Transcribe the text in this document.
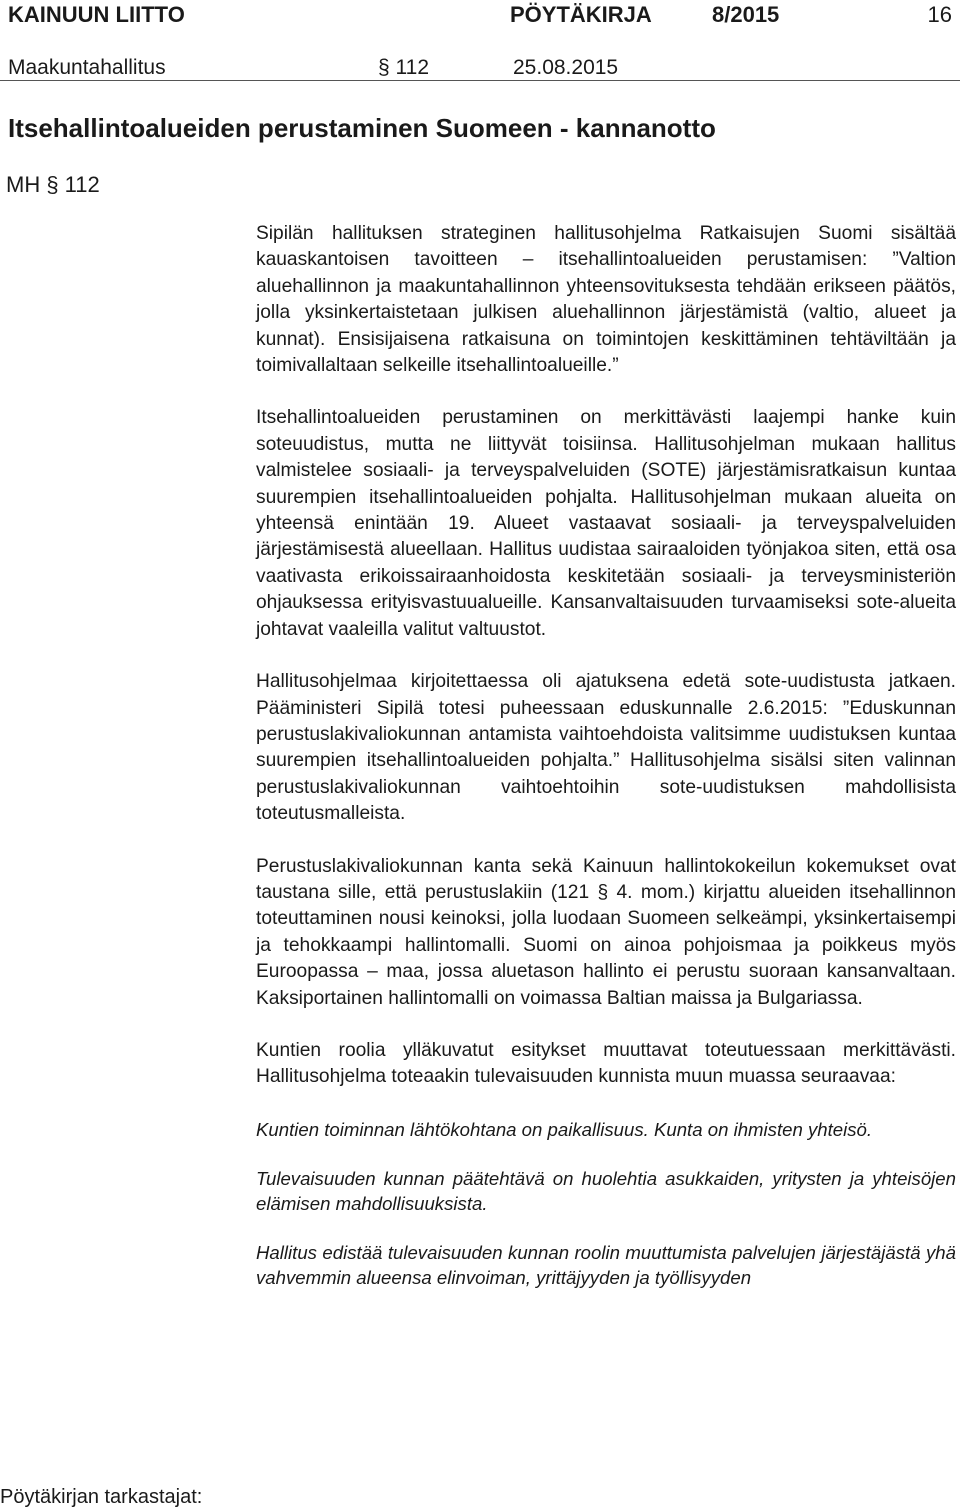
KAINUUN LIITTO	PÖYTÄKIRJA	8/2015	16
Maakuntahallitus	§ 112	25.08.2015
Itsehallintoalueiden perustaminen Suomeen - kannanotto
MH § 112

Sipilän hallituksen strateginen hallitusohjelma Ratkaisujen Suomi sisältää kauaskantoisen tavoitteen – itsehallintoalueiden perustamisen: ”Valtion aluehallinnon ja maakuntahallinnon yhteensovituksesta tehdään erikseen päätös, jolla yksinkertaistetaan julkisen aluehallinnon järjestämistä (valtio, alueet ja kunnat). Ensisijaisena ratkaisuna on toimintojen keskittäminen tehtäviltään ja toimivallaltaan selkeille itsehallintoalueille.”

Itsehallintoalueiden perustaminen on merkittävästi laajempi hanke kuin soteuudistus, mutta ne liittyvät toisiinsa. Hallitusohjelman mukaan hallitus valmistelee sosiaali- ja terveyspalveluiden (SOTE) järjestämisratkaisun kuntaa suurempien itsehallintoalueiden pohjalta. Hallitusohjelman mukaan alueita on yhteensä enintään 19. Alueet vastaavat sosiaali- ja terveyspalveluiden järjestämisestä alueellaan. Hallitus uudistaa sairaaloiden työnjakoa siten, että osa vaativasta erikoissairaanhoidosta keskitetään sosiaali- ja terveysministeriön ohjauksessa erityisvastuualueille. Kansanvaltaisuuden turvaamiseksi sote-alueita johtavat vaaleilla valitut valtuustot.

Hallitusohjelmaa kirjoitettaessa oli ajatuksena edetä sote-uudistusta jatkaen. Pääministeri Sipilä totesi puheessaan eduskunnalle 2.6.2015: ”Eduskunnan perustuslakivaliokunnan antamista vaihtoehdoista valitsimme uudistuksen kuntaa suurempien itsehallintoalueiden pohjalta.” Hallitusohjelma sisälsi siten valinnan perustuslakivaliokunnan vaihtoehtoihin sote-uudistuksen mahdollisista toteutusmalleista.

Perustuslakivaliokunnan kanta sekä Kainuun hallintokokeilun kokemukset ovat taustana sille, että perustuslakiin (121 § 4. mom.) kirjattu alueiden itsehallinnon toteuttaminen nousi keinoksi, jolla luodaan Suomeen selkeämpi, yksinkertaisempi ja tehokkaampi hallintomalli. Suomi on ainoa pohjoismaa ja poikkeus myös Euroopassa – maa, jossa aluetason hallinto ei perustu suoraan kansanvaltaan. Kaksiportainen hallintomalli on voimassa Baltian maissa ja Bulgariassa.

Kuntien roolia ylläkuvatut esitykset muuttavat toteutuessaan merkittävästi. Hallitusohjelma toteaakin tulevaisuuden kunnista muun muassa seuraavaa:

Kuntien toiminnan lähtökohtana on paikallisuus. Kunta on ihmisten yhteisö.

Tulevaisuuden kunnan päätehtävä on huolehtia asukkaiden, yritysten ja yhteisöjen elämisen mahdollisuuksista.

Hallitus edistää tulevaisuuden kunnan roolin muuttumista palvelujen järjestäjästä yhä vahvemmin alueensa elinvoiman, yrittäjyyden ja työllisyyden

Pöytäkirjan tarkastajat:
